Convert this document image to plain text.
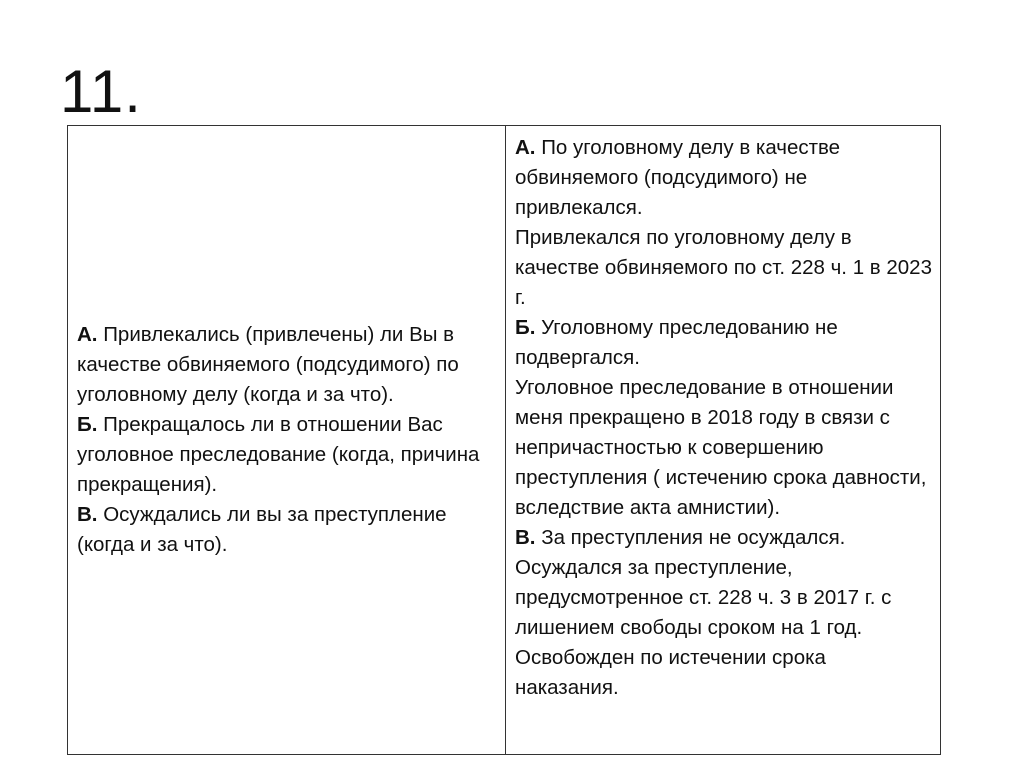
11.

А. Привлекались (привлечены) ли Вы в качестве обвиняемого (подсудимого) по уголовному делу (когда и за что).

Б. Прекращалось ли в отношении Вас уголовное преследование (когда, причина прекращения).

В. Осуждались ли вы за преступление (когда и за что).

А. По уголовному делу в качестве обвиняемого (подсудимого) не привлекался.

Привлекался по уголовному делу в качестве обвиняемого по ст. 228 ч. 1 в 2023 г.

Б. Уголовному преследованию не подвергался.

Уголовное преследование в отношении меня прекращено в 2018 году в связи с непричастностью к совершению преступления ( истечению срока давности, вследствие акта амнистии).

В. За преступления не осуждался.

Осуждался за преступление, предусмотренное ст. 228 ч. 3 в 2017 г. с лишением свободы сроком на 1 год. Освобожден по истечении срока наказания.
